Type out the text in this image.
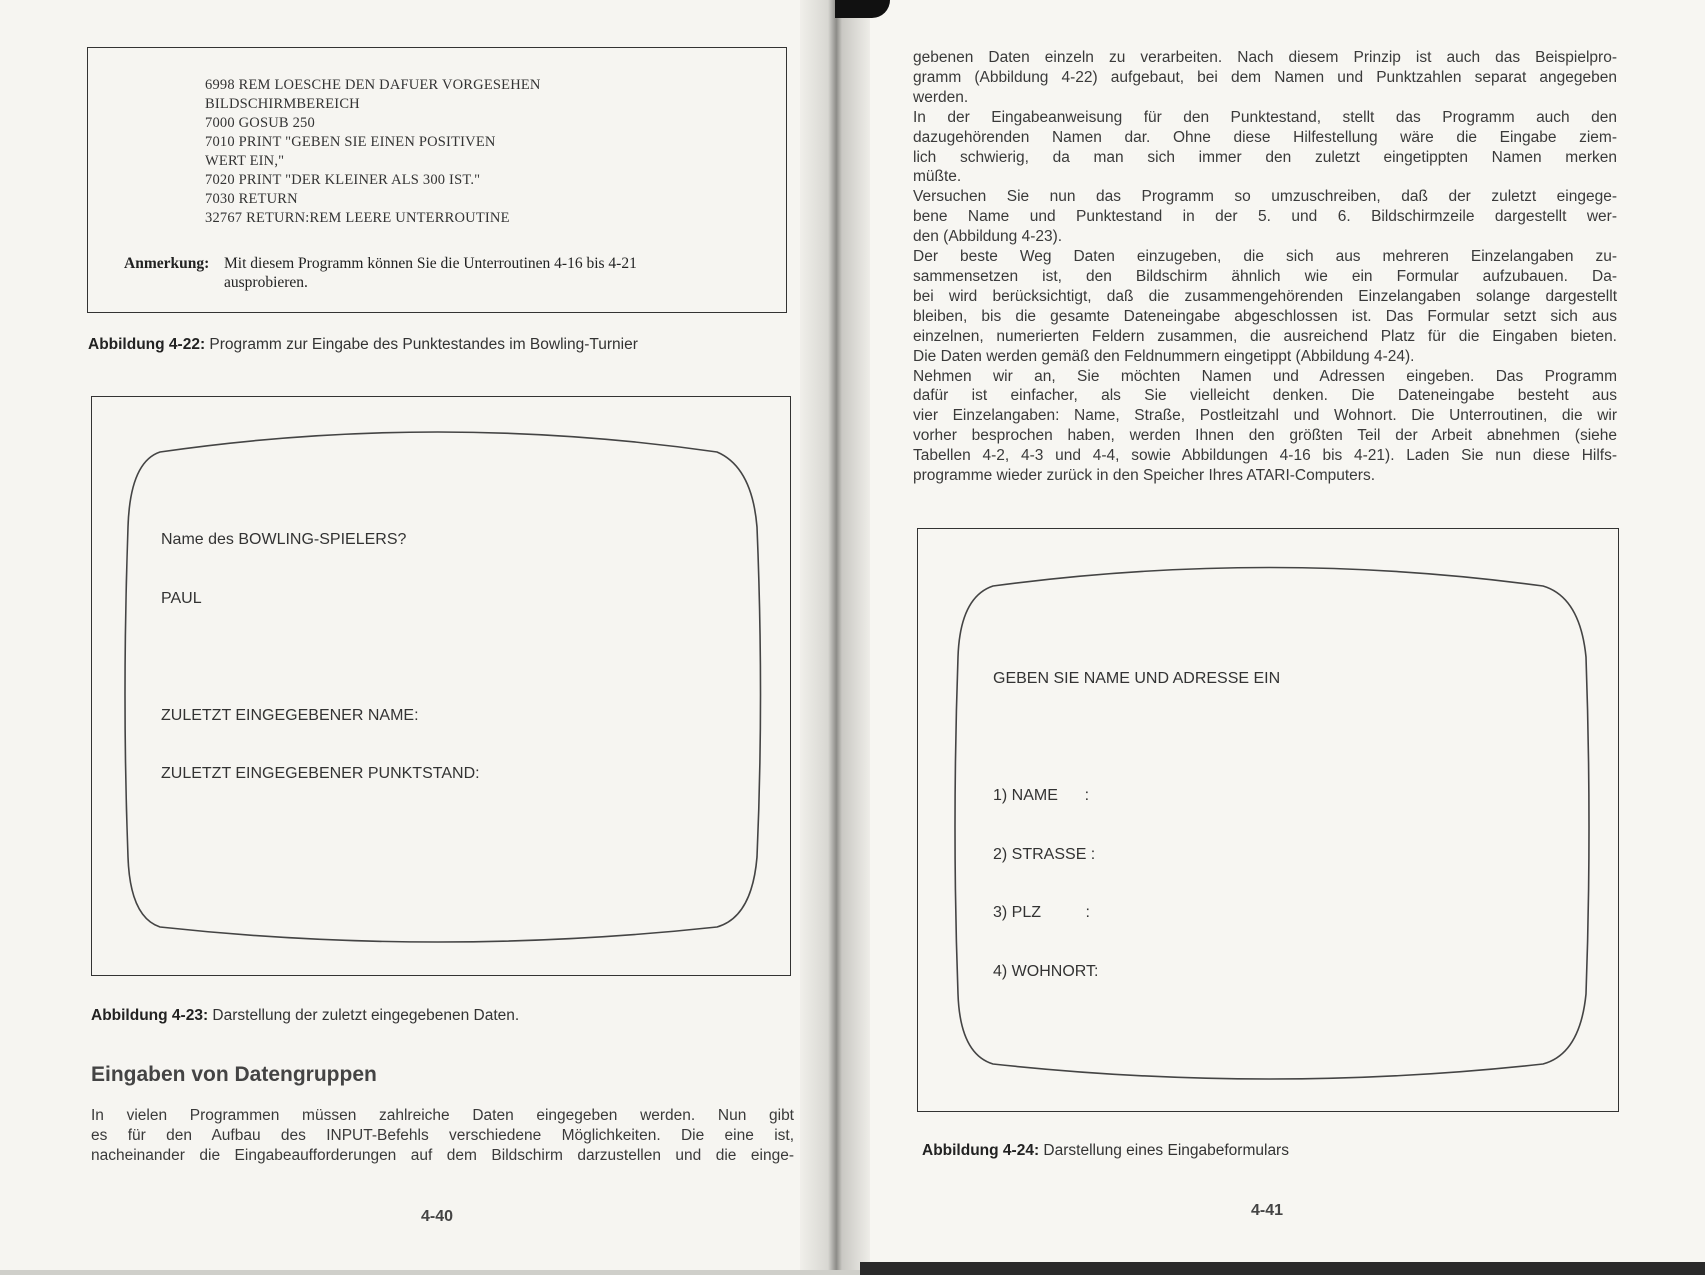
6998 REM LOESCHE DEN DAFUER VORGESEHEN
BILDSCHIRMBEREICH
7000 GOSUB 250
7010 PRINT "GEBEN SIE EINEN POSITIVEN
WERT EIN,"
7020 PRINT "DER KLEINER ALS 300 IST."
7030 RETURN
32767 RETURN:REM LEERE UNTERROUTINE
Anmerkung: Mit diesem Programm können Sie die Unterroutinen 4-16 bis 4-21 ausprobieren.
Abbildung 4-22: Programm zur Eingabe des Punktestandes im Bowling-Turnier

Name des BOWLING-SPIELERS?

PAUL

ZULETZT EINGEGEBENER NAME:

ZULETZT EINGEGEBENER PUNKTSTAND:

Abbildung 4-23: Darstellung der zuletzt eingegebenen Daten.
Eingaben von Datengruppen
In vielen Programmen müssen zahlreiche Daten eingegeben werden. Nun gibt
es für den Aufbau des INPUT-Befehls verschiedene Möglichkeiten. Die eine ist,
nacheinander die Eingabeaufforderungen auf dem Bildschirm darzustellen und die einge-
4-40
gebenen Daten einzeln zu verarbeiten. Nach diesem Prinzip ist auch das Beispielpro-
gramm (Abbildung 4-22) aufgebaut, bei dem Namen und Punktzahlen separat angegeben
werden.
In der Eingabeanweisung für den Punktestand, stellt das Programm auch den
dazugehörenden Namen dar. Ohne diese Hilfestellung wäre die Eingabe ziem-
lich schwierig, da man sich immer den zuletzt eingetippten Namen merken
müßte.
Versuchen Sie nun das Programm so umzuschreiben, daß der zuletzt eingege-
bene Name und Punktestand in der 5. und 6. Bildschirmzeile dargestellt wer-
den (Abbildung 4-23).
Der beste Weg Daten einzugeben, die sich aus mehreren Einzelangaben zu-
sammensetzen ist, den Bildschirm ähnlich wie ein Formular aufzubauen. Da-
bei wird berücksichtigt, daß die zusammengehörenden Einzelangaben solange dargestellt
bleiben, bis die gesamte Dateneingabe abgeschlossen ist. Das Formular setzt sich aus
einzelnen, numerierten Feldern zusammen, die ausreichend Platz für die Eingaben bieten.
Die Daten werden gemäß den Feldnummern eingetippt (Abbildung 4-24).
Nehmen wir an, Sie möchten Namen und Adressen eingeben. Das Programm
dafür ist einfacher, als Sie vielleicht denken. Die Dateneingabe besteht aus
vier Einzelangaben: Name, Straße, Postleitzahl und Wohnort. Die Unterroutinen, die wir
vorher besprochen haben, werden Ihnen den größten Teil der Arbeit abnehmen (siehe
Tabellen 4-2, 4-3 und 4-4, sowie Abbildungen 4-16 bis 4-21). Laden Sie nun diese Hilfs-
programme wieder zurück in den Speicher Ihres ATARI-Computers.

GEBEN SIE NAME UND ADRESSE EIN

1) NAME      :

2) STRASSE :

3) PLZ          :

4) WOHNORT:

Abbildung 4-24: Darstellung eines Eingabeformulars
4-41
